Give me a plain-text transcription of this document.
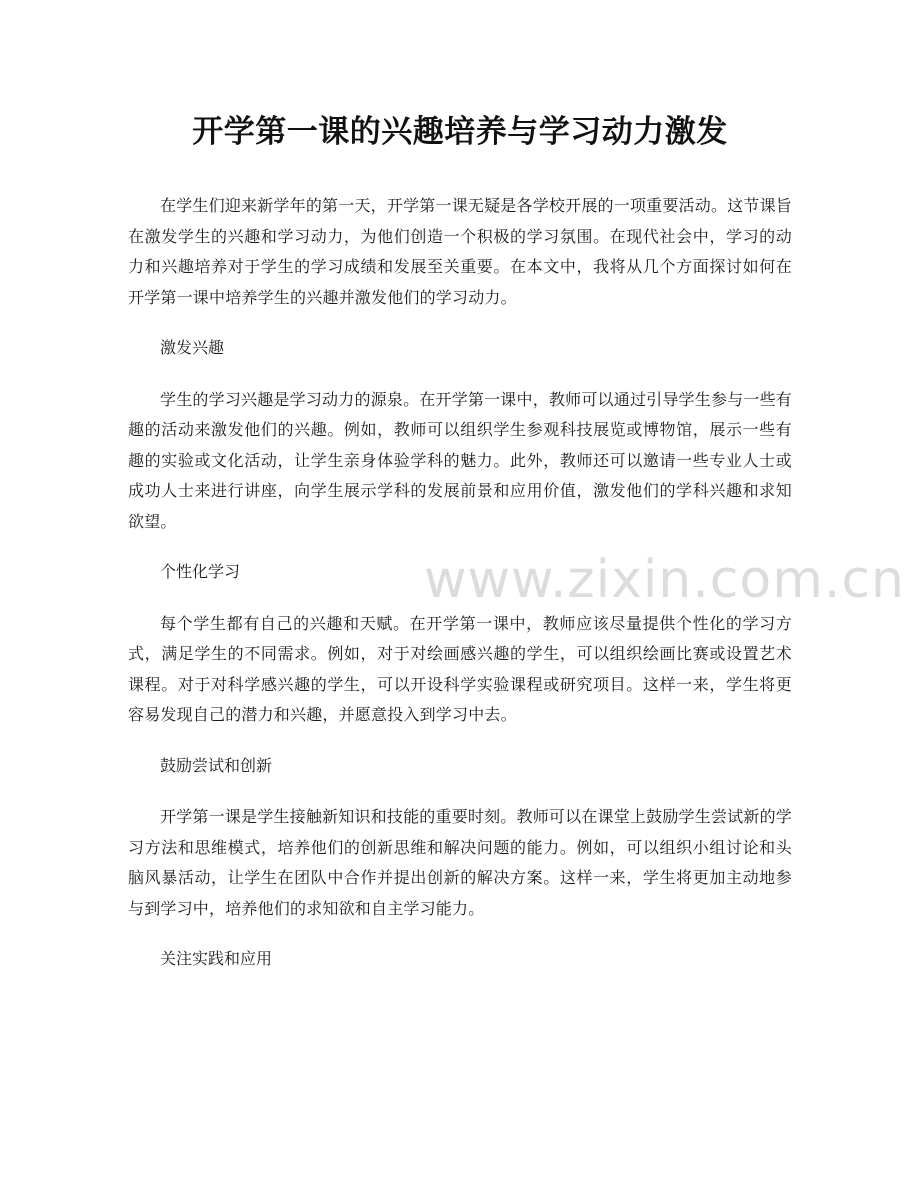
开学第一课的兴趣培养与学习动力激发

在学生们迎来新学年的第一天，开学第一课无疑是各学校开展的一项重要活动。这节课旨在激发学生的兴趣和学习动力，为他们创造一个积极的学习氛围。在现代社会中，学习的动力和兴趣培养对于学生的学习成绩和发展至关重要。在本文中，我将从几个方面探讨如何在开学第一课中培养学生的兴趣并激发他们的学习动力。

激发兴趣

学生的学习兴趣是学习动力的源泉。在开学第一课中，教师可以通过引导学生参与一些有趣的活动来激发他们的兴趣。例如，教师可以组织学生参观科技展览或博物馆，展示一些有趣的实验或文化活动，让学生亲身体验学科的魅力。此外，教师还可以邀请一些专业人士或成功人士来进行讲座，向学生展示学科的发展前景和应用价值，激发他们的学科兴趣和求知欲望。

个性化学习

每个学生都有自己的兴趣和天赋。在开学第一课中，教师应该尽量提供个性化的学习方式，满足学生的不同需求。例如，对于对绘画感兴趣的学生，可以组织绘画比赛或设置艺术课程。对于对科学感兴趣的学生，可以开设科学实验课程或研究项目。这样一来，学生将更容易发现自己的潜力和兴趣，并愿意投入到学习中去。

鼓励尝试和创新

开学第一课是学生接触新知识和技能的重要时刻。教师可以在课堂上鼓励学生尝试新的学习方法和思维模式，培养他们的创新思维和解决问题的能力。例如，可以组织小组讨论和头脑风暴活动，让学生在团队中合作并提出创新的解决方案。这样一来，学生将更加主动地参与到学习中，培养他们的求知欲和自主学习能力。

关注实践和应用

www.zixin.com.cn
